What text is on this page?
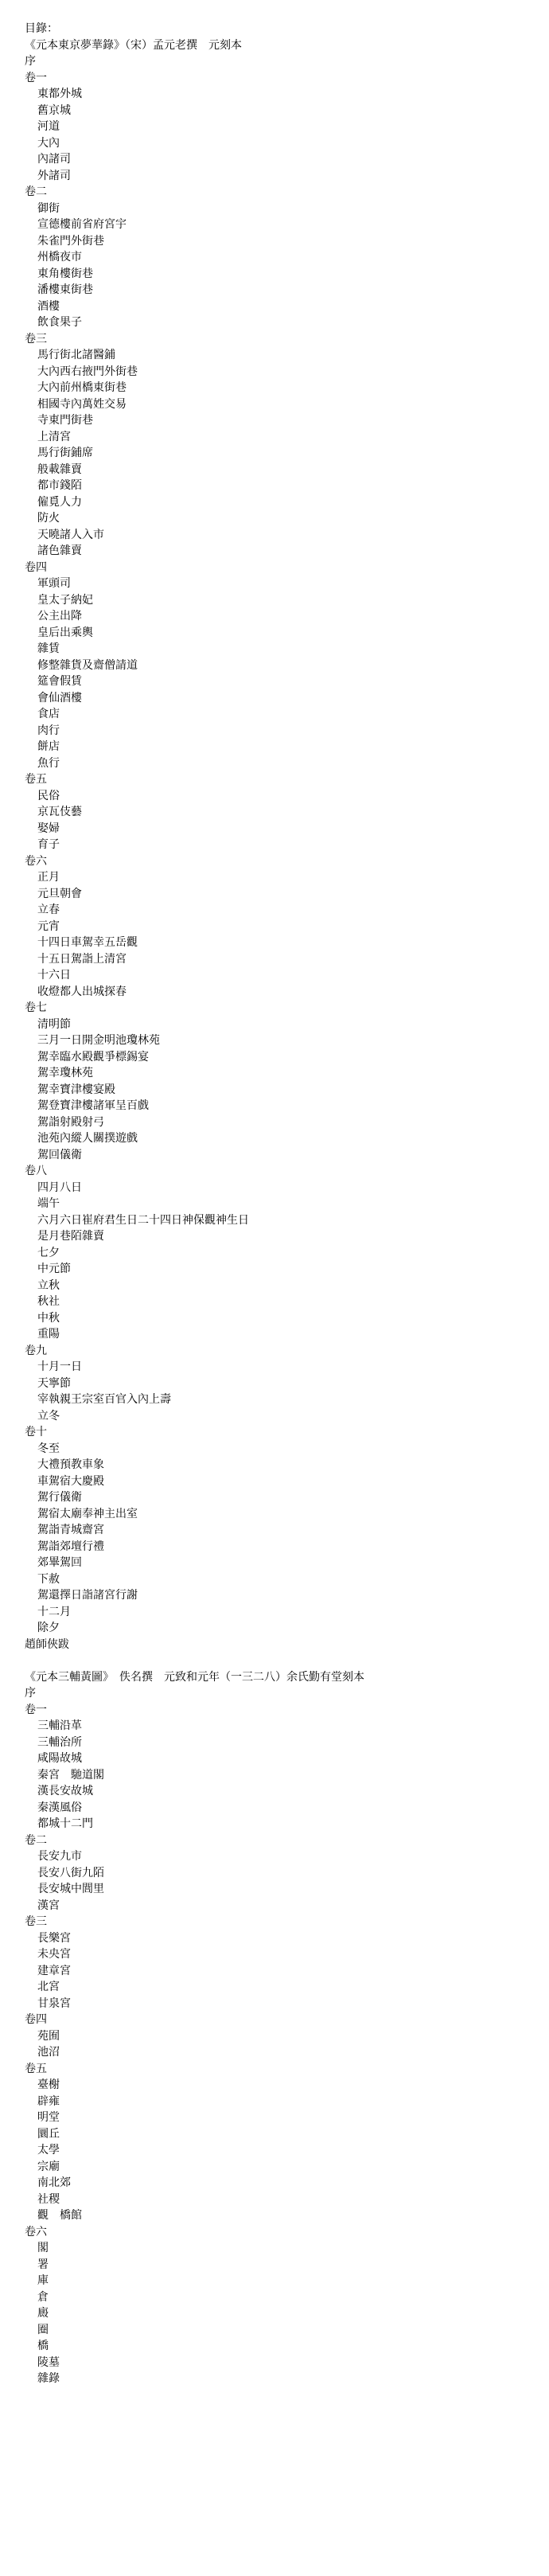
目錄：
《元本東京夢華錄》（宋）孟元老撰　元刻本
序
卷一
東都外城
舊京城
河道
大內
內諸司
外諸司
卷二
御街
宣德樓前省府宮宇
朱雀門外街巷
州橋夜市
東角樓街巷
潘樓東街巷
酒樓
飲食果子
卷三
馬行街北諸醫鋪
大內西右掖門外街巷
大內前州橋東街巷
相國寺內萬姓交易
寺東門街巷
上清宮
馬行街鋪席
般載雜賣
都市錢陌
僱覓人力
防火
天曉諸人入市
諸色雜賣
卷四
軍頭司
皇太子納妃
公主出降
皇后出乘輿
雜賃
修整雜貨及齋僧請道
筵會假賃
會仙酒樓
食店
肉行
餅店
魚行
卷五
民俗
京瓦伎藝
娶婦
育子
卷六
正月
元旦朝會
立春
元宵
十四日車駕幸五岳觀
十五日駕詣上清宮
十六日
收燈都人出城探春
卷七
清明節
三月一日開金明池瓊林苑
駕幸臨水殿觀爭標錫宴
駕幸瓊林苑
駕幸寶津樓宴殿
駕登寶津樓諸軍呈百戲
駕詣射殿射弓
池苑內縱人關撲遊戲
駕回儀衛
卷八
四月八日
端午
六月六日崔府君生日二十四日神保觀神生日
是月巷陌雜賣
七夕
中元節
立秋
秋社
中秋
重陽
卷九
十月一日
天寧節
宰執親王宗室百官入內上壽
立冬
卷十
冬至
大禮預教車象
車駕宿大慶殿
駕行儀衛
駕宿太廟奉神主出室
駕詣青城齋宮
駕詣郊壇行禮
郊畢駕回
下赦
駕還擇日詣諸宮行謝
十二月
除夕
趙師俠跋
《元本三輔黃圖》　佚名撰　元致和元年（一三二八）余氏勤有堂刻本
序
卷一
三輔沿革
三輔治所
咸陽故城
秦宮　馳道閣
漢長安故城
秦漢風俗
都城十二門
卷二
長安九市
長安八街九陌
長安城中閭里
漢宮
卷三
長樂宮
未央宮
建章宮
北宮
甘泉宮
卷四
苑囿
池沼
卷五
臺榭
辟雍
明堂
圜丘
太學
宗廟
南北郊
社稷
觀　橋館
卷六
閣
署
庫
倉
廄
圈
橋
陵墓
雜錄
